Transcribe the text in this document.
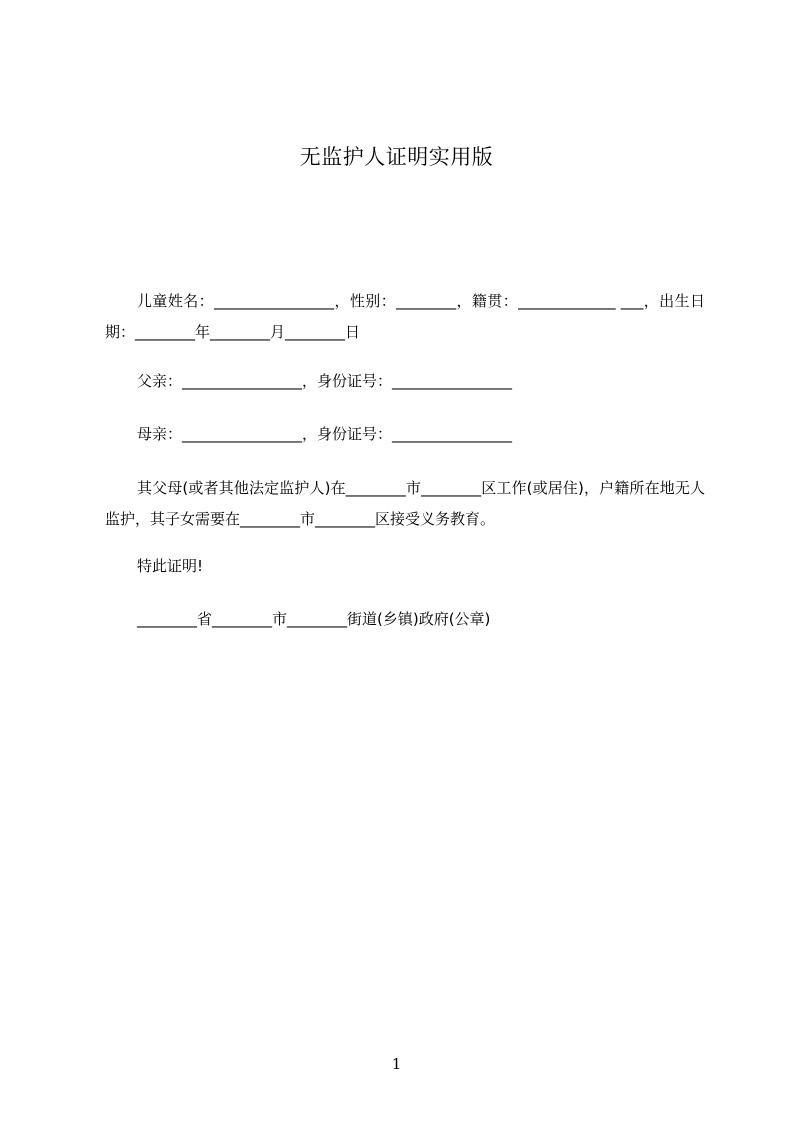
无监护人证明实用版
儿童姓名：________________，性别：________，籍贯：_____________ ___，出生日期：________年________月________日
父亲：________________，身份证号：________________
母亲：________________，身份证号：________________
其父母(或者其他法定监护人)在________市________区工作(或居住)，户籍所在地无人监护，其子女需要在________市________区接受义务教育。
特此证明!
________省________市________街道(乡镇)政府(公章)
1
